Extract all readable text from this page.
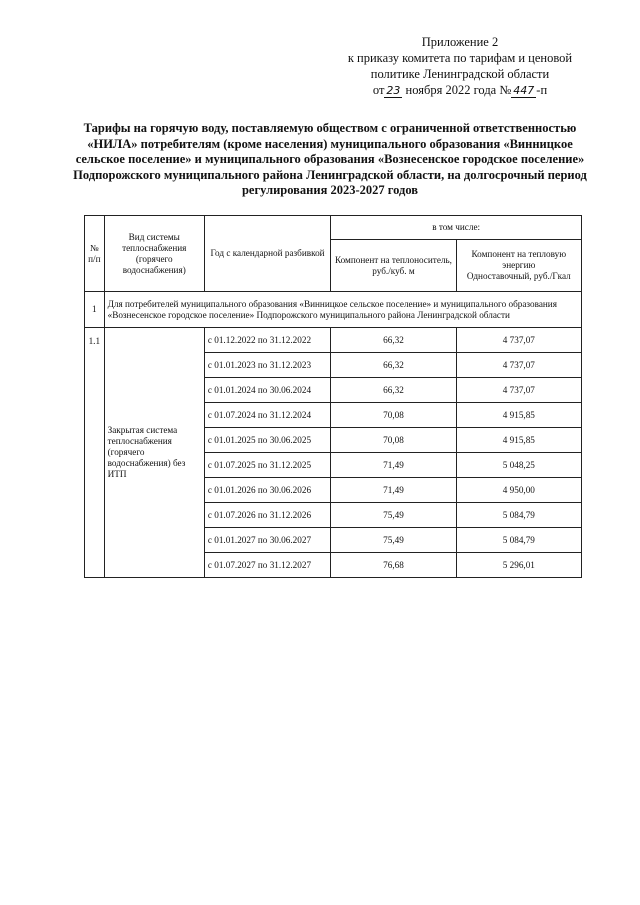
Приложение 2
к приказу комитета по тарифам и ценовой
политике Ленинградской области
от 23 ноября 2022 года № 447 -п
Тарифы на горячую воду, поставляемую обществом с ограниченной ответственностью «НИЛА» потребителям (кроме населения) муниципального образования «Винницкое сельское поселение» и муниципального образования «Вознесенское городское поселение» Подпорожского муниципального района Ленинградской области, на долгосрочный период регулирования 2023-2027 годов
№ п/п	Вид системы теплоснабжения (горячего водоснабжения)	Год с календарной разбивкой	в том числе:	
			Компонент на теплоноситель, руб./куб. м	Компонент на тепловую энергию
Одноставочный, руб./Гкал
1	Для потребителей муниципального образования «Винницкое сельское поселение» и муниципального образования «Вознесенское городское поселение» Подпорожского муниципального района Ленинградской области			
1.1	Закрытая система теплоснабжения (горячего водоснабжения) без ИТП	с 01.12.2022 по 31.12.2022	66,32	4 737,07
		с 01.01.2023 по 31.12.2023	66,32	4 737,07
		с 01.01.2024 по 30.06.2024	66,32	4 737,07
		с 01.07.2024 по 31.12.2024	70,08	4 915,85
		с 01.01.2025 по 30.06.2025	70,08	4 915,85
		с 01.07.2025 по 31.12.2025	71,49	5 048,25
		с 01.01.2026 по 30.06.2026	71,49	4 950,00
		с 01.07.2026 по 31.12.2026	75,49	5 084,79
		с 01.01.2027 по 30.06.2027	75,49	5 084,79
		с 01.07.2027 по 31.12.2027	76,68	5 296,01
